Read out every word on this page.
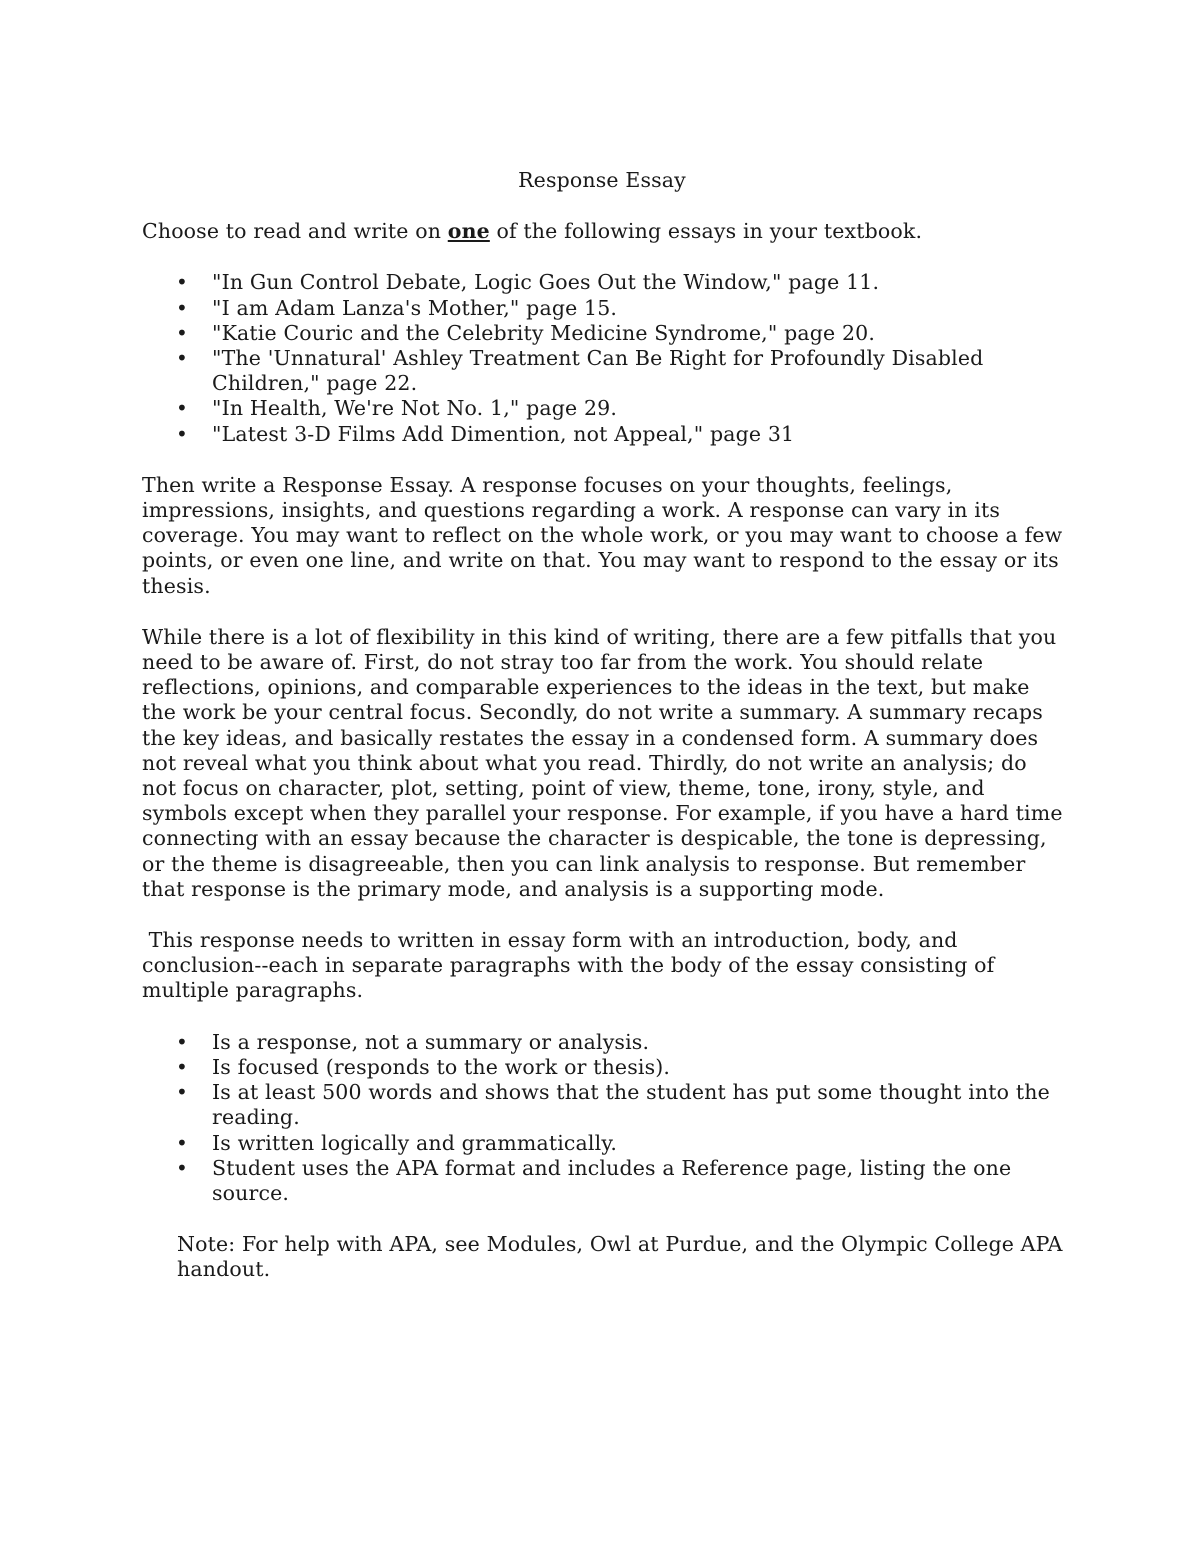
Response Essay

Choose to read and write on one of the following essays in your textbook.

• "In Gun Control Debate, Logic Goes Out the Window," page 11.
• "I am Adam Lanza's Mother," page 15.
• "Katie Couric and the Celebrity Medicine Syndrome," page 20.
• "The 'Unnatural' Ashley Treatment Can Be Right for Profoundly Disabled Children," page 22.
• "In Health, We're Not No. 1," page 29.
• "Latest 3-D Films Add Dimention, not Appeal," page 31

Then write a Response Essay. A response focuses on your thoughts, feelings, impressions, insights, and questions regarding a work. A response can vary in its coverage. You may want to reflect on the whole work, or you may want to choose a few points, or even one line, and write on that. You may want to respond to the essay or its thesis.

While there is a lot of flexibility in this kind of writing, there are a few pitfalls that you need to be aware of. First, do not stray too far from the work. You should relate reflections, opinions, and comparable experiences to the ideas in the text, but make the work be your central focus. Secondly, do not write a summary. A summary recaps the key ideas, and basically restates the essay in a condensed form. A summary does not reveal what you think about what you read. Thirdly, do not write an analysis; do not focus on character, plot, setting, point of view, theme, tone, irony, style, and symbols except when they parallel your response. For example, if you have a hard time connecting with an essay because the character is despicable, the tone is depressing, or the theme is disagreeable, then you can link analysis to response. But remember that response is the primary mode, and analysis is a supporting mode.

This response needs to written in essay form with an introduction, body, and conclusion--each in separate paragraphs with the body of the essay consisting of multiple paragraphs.

• Is a response, not a summary or analysis.
• Is focused (responds to the work or thesis).
• Is at least 500 words and shows that the student has put some thought into the reading.
• Is written logically and grammatically.
• Student uses the APA format and includes a Reference page, listing the one source.

Note: For help with APA, see Modules, Owl at Purdue, and the Olympic College APA handout.
